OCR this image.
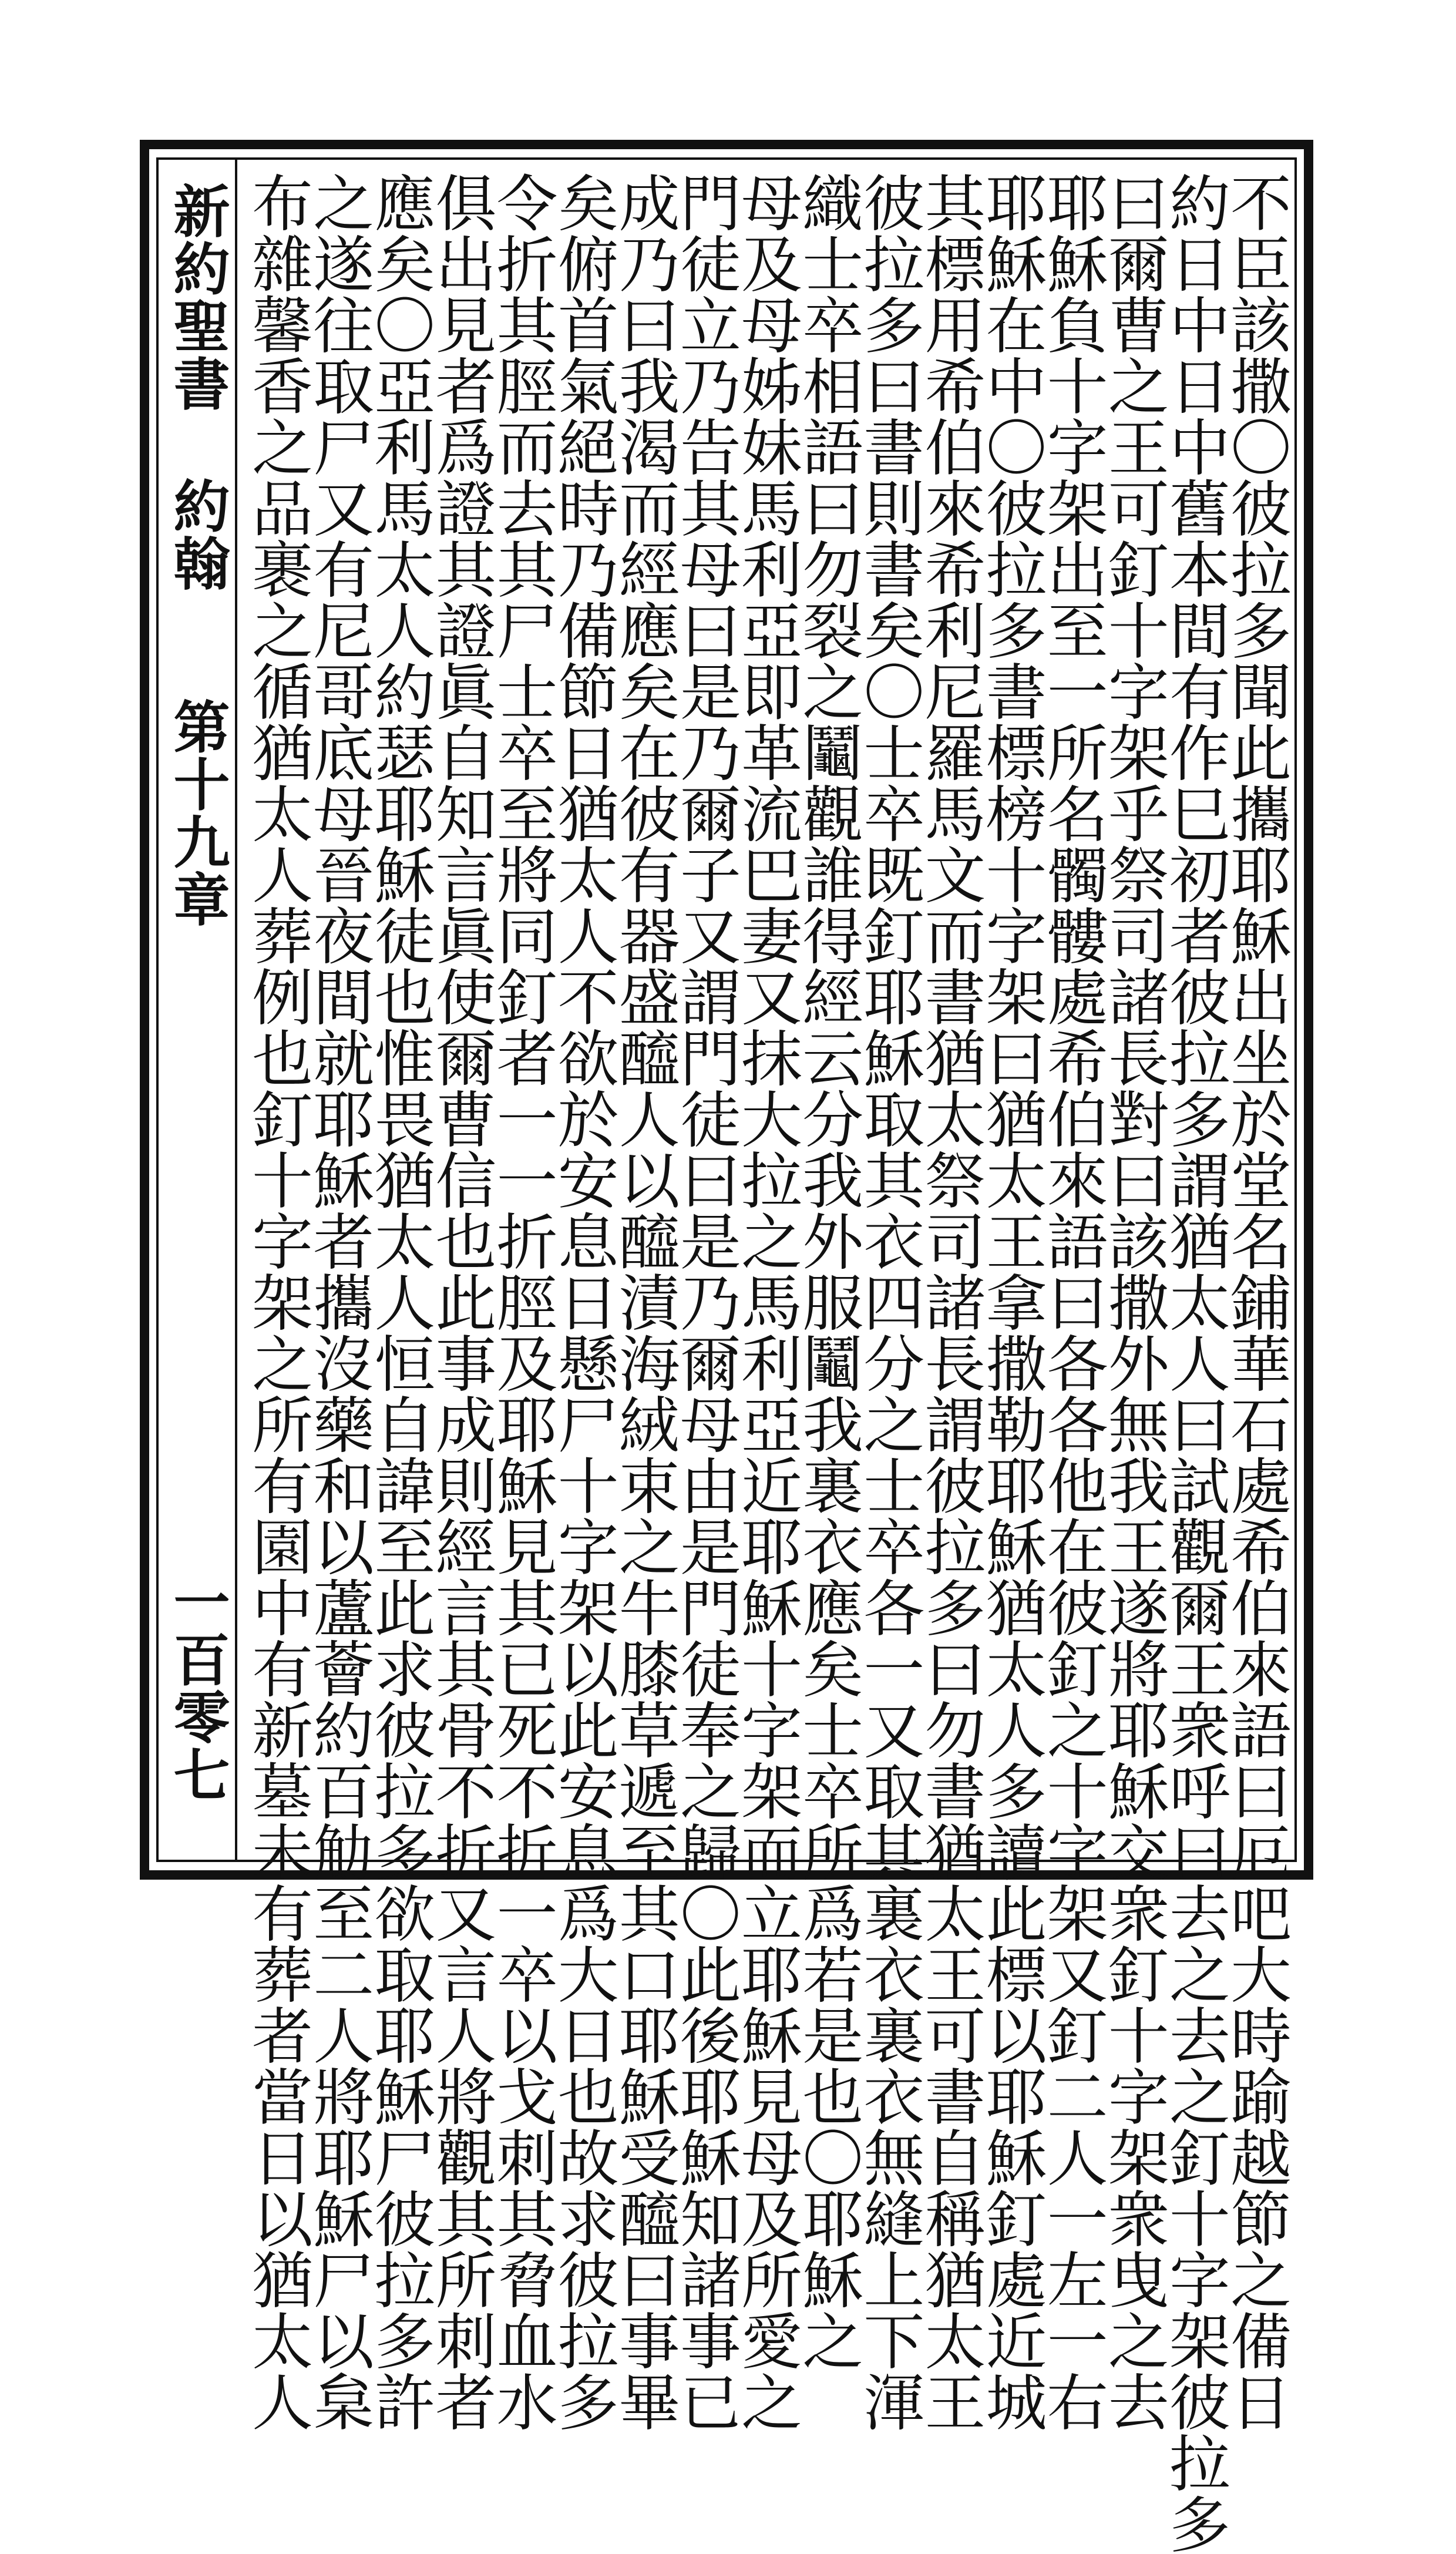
新約聖書
約翰
第十九章
一百零七	不臣該撒〇彼拉多聞此攜耶穌出坐於堂名鋪華石處希伯來語曰厄吧大時踰越節之備日
約日中日中舊本間有作巳初者彼拉多謂猶太人曰試觀爾王衆呼曰去之去之釘十字架彼拉多
曰爾曹之王可釘十字架乎祭司諸長對曰該撒外無我王遂將耶穌交衆釘十字架衆曳之去
耶穌負十字架出至一所名髑髏處希伯來語曰各各他在彼釘之十字架又釘二人一左一右
耶穌在中〇彼拉多書標榜十字架曰猶太王拿撒勒耶穌猶太人多讀此標以耶穌釘處近城
其標用希伯來希利尼羅馬文而書猶太祭司諸長謂彼拉多曰勿書猶太王可書自稱猶太王
彼拉多曰書則書矣〇士卒既釘耶穌取其衣四分之士卒各一又取其裏衣裏衣無縫上下渾
織士卒相語曰勿裂之鬮觀誰得經云分我外服鬮我裏衣應矣士卒所爲若是也〇耶穌之
母及母姊妹馬利亞即革流巴妻又抹大拉之馬利亞近耶穌十字架而立耶穌見母及所愛之
門徒立乃告其母曰是乃爾子又謂門徒曰是乃爾母由是門徒奉之歸〇此後耶穌知諸事已
成乃曰我渴而經應矣在彼有器盛醯人以醯漬海絨束之牛膝草遞至其口耶穌受醯曰事畢
矣俯首氣絕時乃備節日猶太人不欲於安息日懸尸十字架以此安息爲大日也故求彼拉多
令折其脛而去其尸士卒至將同釘者一一折脛及耶穌見其已死不折一卒以戈刺其脅血水
俱出見者爲證其證眞自知言眞使爾曹信也此事成則經言其骨不折又言人將觀其所刺者
應矣〇亞利馬太人約瑟耶穌徒也惟畏猶太人恒自諱至此求彼拉多欲取耶穌尸彼拉多許
之遂往取尸又有尼哥底母晉夜間就耶穌者攜沒藥和以蘆薈約百觔至二人將耶穌尸以枲
布雜馨香之品裹之循猶太人葬例也釘十字架之所有園中有新墓未有葬者當日以猶太人
